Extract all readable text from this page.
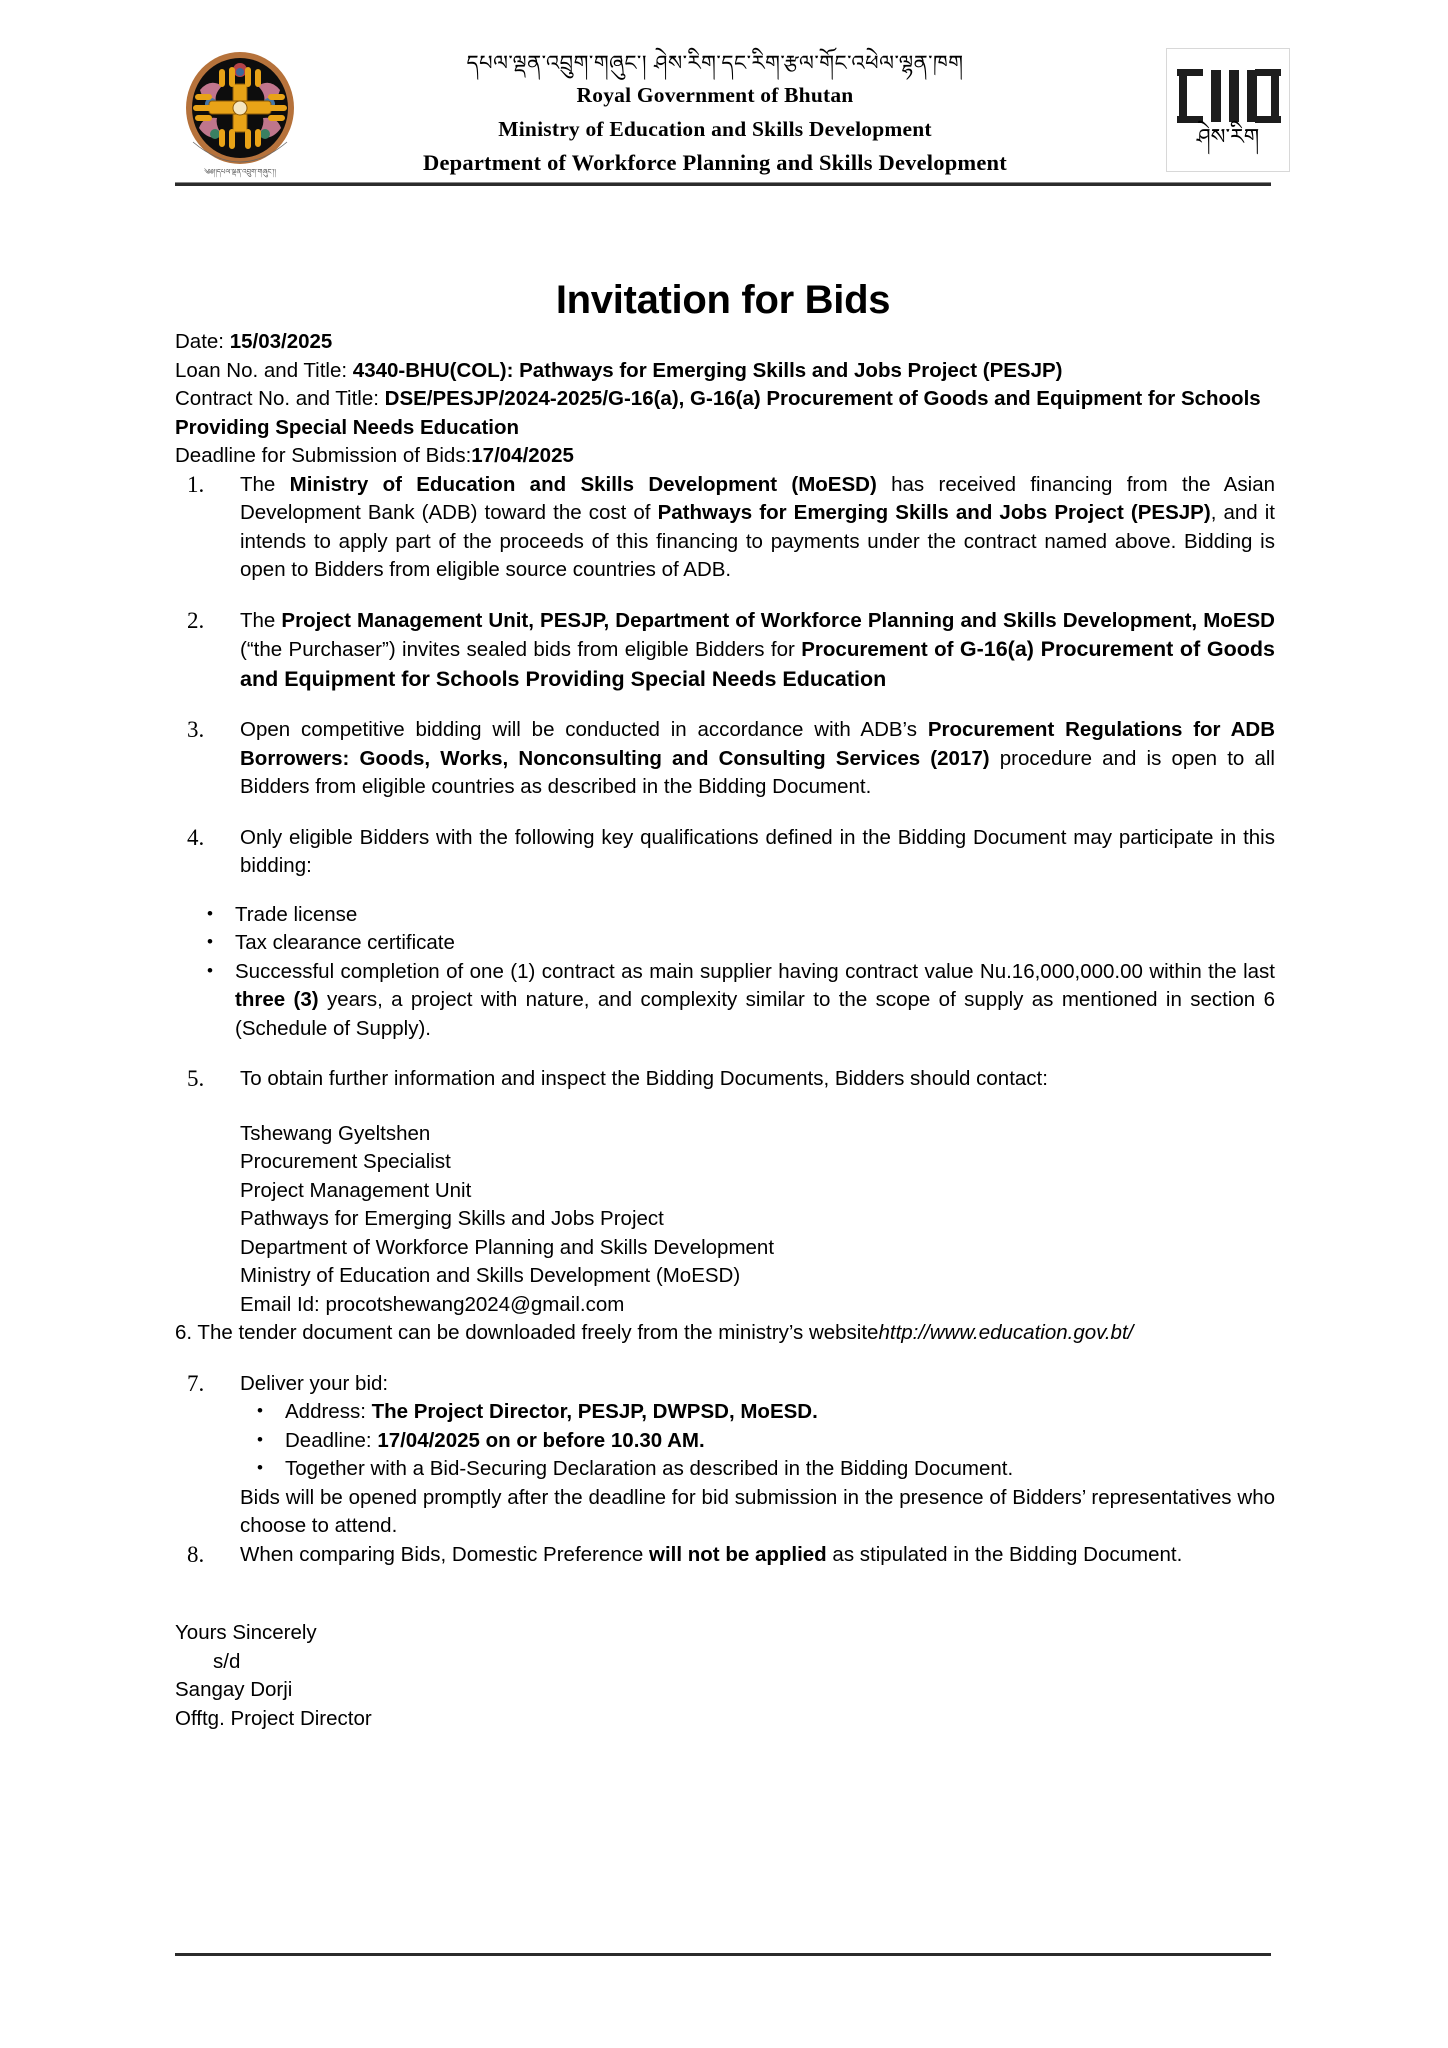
༄༅།།དཔལ་ལྡན་འབྲུག་གཞུང་།།
དཔལ་ལྡན་འབྲུག་གཞུང་། ཤེས་རིག་དང་རིག་རྩལ་གོང་འཕེལ་ལྷན་ཁག
Royal Government of Bhutan
Ministry of Education and Skills Development
Department of Workforce Planning and Skills Development
ཤེས་རིག
Invitation for Bids
Date: 15/03/2025
Loan No. and Title: 4340-BHU(COL): Pathways for Emerging Skills and Jobs Project (PESJP)
Contract No. and Title: DSE/PESJP/2024-2025/G-16(a), G-16(a) Procurement of Goods and Equipment for Schools Providing Special Needs Education
Deadline for Submission of Bids:17/04/2025
1. The Ministry of Education and Skills Development (MoESD) has received financing from the Asian Development Bank (ADB) toward the cost of Pathways for Emerging Skills and Jobs Project (PESJP), and it intends to apply part of the proceeds of this financing to payments under the contract named above. Bidding is open to Bidders from eligible source countries of ADB.
2. The Project Management Unit, PESJP, Department of Workforce Planning and Skills Development, MoESD (“the Purchaser”) invites sealed bids from eligible Bidders for Procurement of G-16(a) Procurement of Goods and Equipment for Schools Providing Special Needs Education
3. Open competitive bidding will be conducted in accordance with ADB’s Procurement Regulations for ADB Borrowers: Goods, Works, Nonconsulting and Consulting Services (2017) procedure and is open to all Bidders from eligible countries as described in the Bidding Document.
4. Only eligible Bidders with the following key qualifications defined in the Bidding Document may participate in this bidding:
• Trade license
• Tax clearance certificate
• Successful completion of one (1) contract as main supplier having contract value Nu.16,000,000.00 within the last three (3) years, a project with nature, and complexity similar to the scope of supply as mentioned in section 6 (Schedule of Supply).
5. To obtain further information and inspect the Bidding Documents, Bidders should contact:
Tshewang Gyeltshen
Procurement Specialist
Project Management Unit
Pathways for Emerging Skills and Jobs Project
Department of Workforce Planning and Skills Development
Ministry of Education and Skills Development (MoESD)
Email Id: procotshewang2024@gmail.com
6. The tender document can be downloaded freely from the ministry’s websitehttp://www.education.gov.bt/
7. Deliver your bid:
• Address: The Project Director, PESJP, DWPSD, MoESD.
• Deadline: 17/04/2025 on or before 10.30 AM.
• Together with a Bid-Securing Declaration as described in the Bidding Document.
Bids will be opened promptly after the deadline for bid submission in the presence of Bidders’ representatives who choose to attend.
8. When comparing Bids, Domestic Preference will not be applied as stipulated in the Bidding Document.
Yours Sincerely
s/d
Sangay Dorji
Offtg. Project Director
